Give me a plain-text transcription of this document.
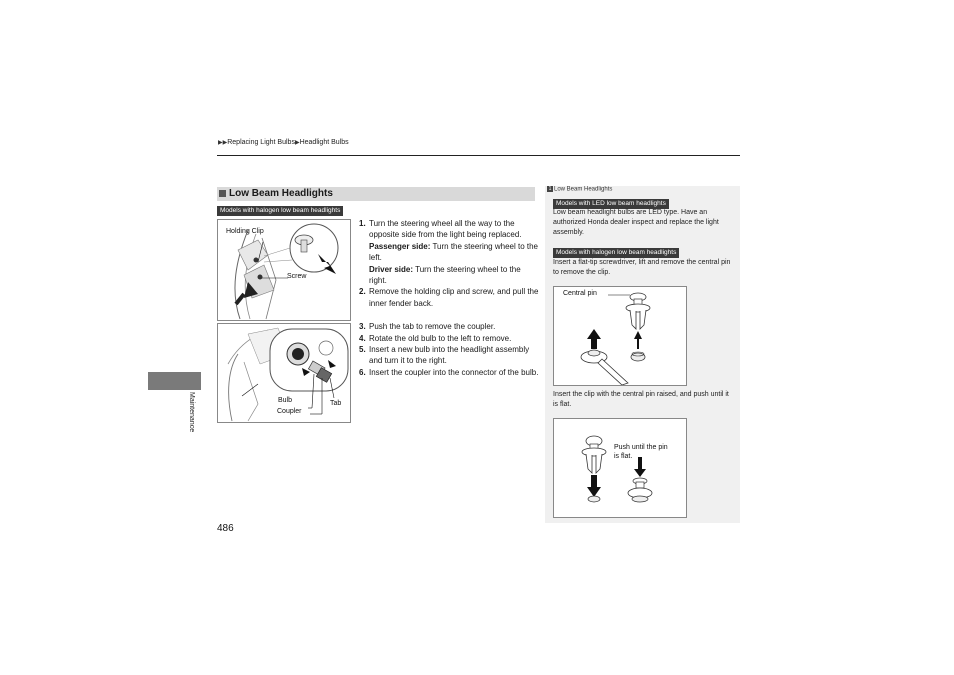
▶▶Replacing Light Bulbs▶Headlight Bulbs
Maintenance
486
Low Beam Headlights
Models with halogen low beam headlights
Holding Clip
Screw
Bulb
Coupler
Tab
1. Turn the steering wheel all the way to the opposite side from the light being replaced.
Passenger side: Turn the steering wheel to the left.
Driver side: Turn the steering wheel to the right.
2. Remove the holding clip and screw, and pull the inner fender back.
3. Push the tab to remove the coupler.
4. Rotate the old bulb to the left to remove.
5. Insert a new bulb into the headlight assembly and turn it to the right.
6. Insert the coupler into the connector of the bulb.
1 Low Beam Headlights
Models with LED low beam headlights
Low beam headlight bulbs are LED type. Have an authorized Honda dealer inspect and replace the light assembly.
Models with halogen low beam headlights
Insert a flat-tip screwdriver, lift and remove the central pin to remove the clip.
Central pin
Insert the clip with the central pin raised, and push until it is flat.
Push until the pin is flat.
